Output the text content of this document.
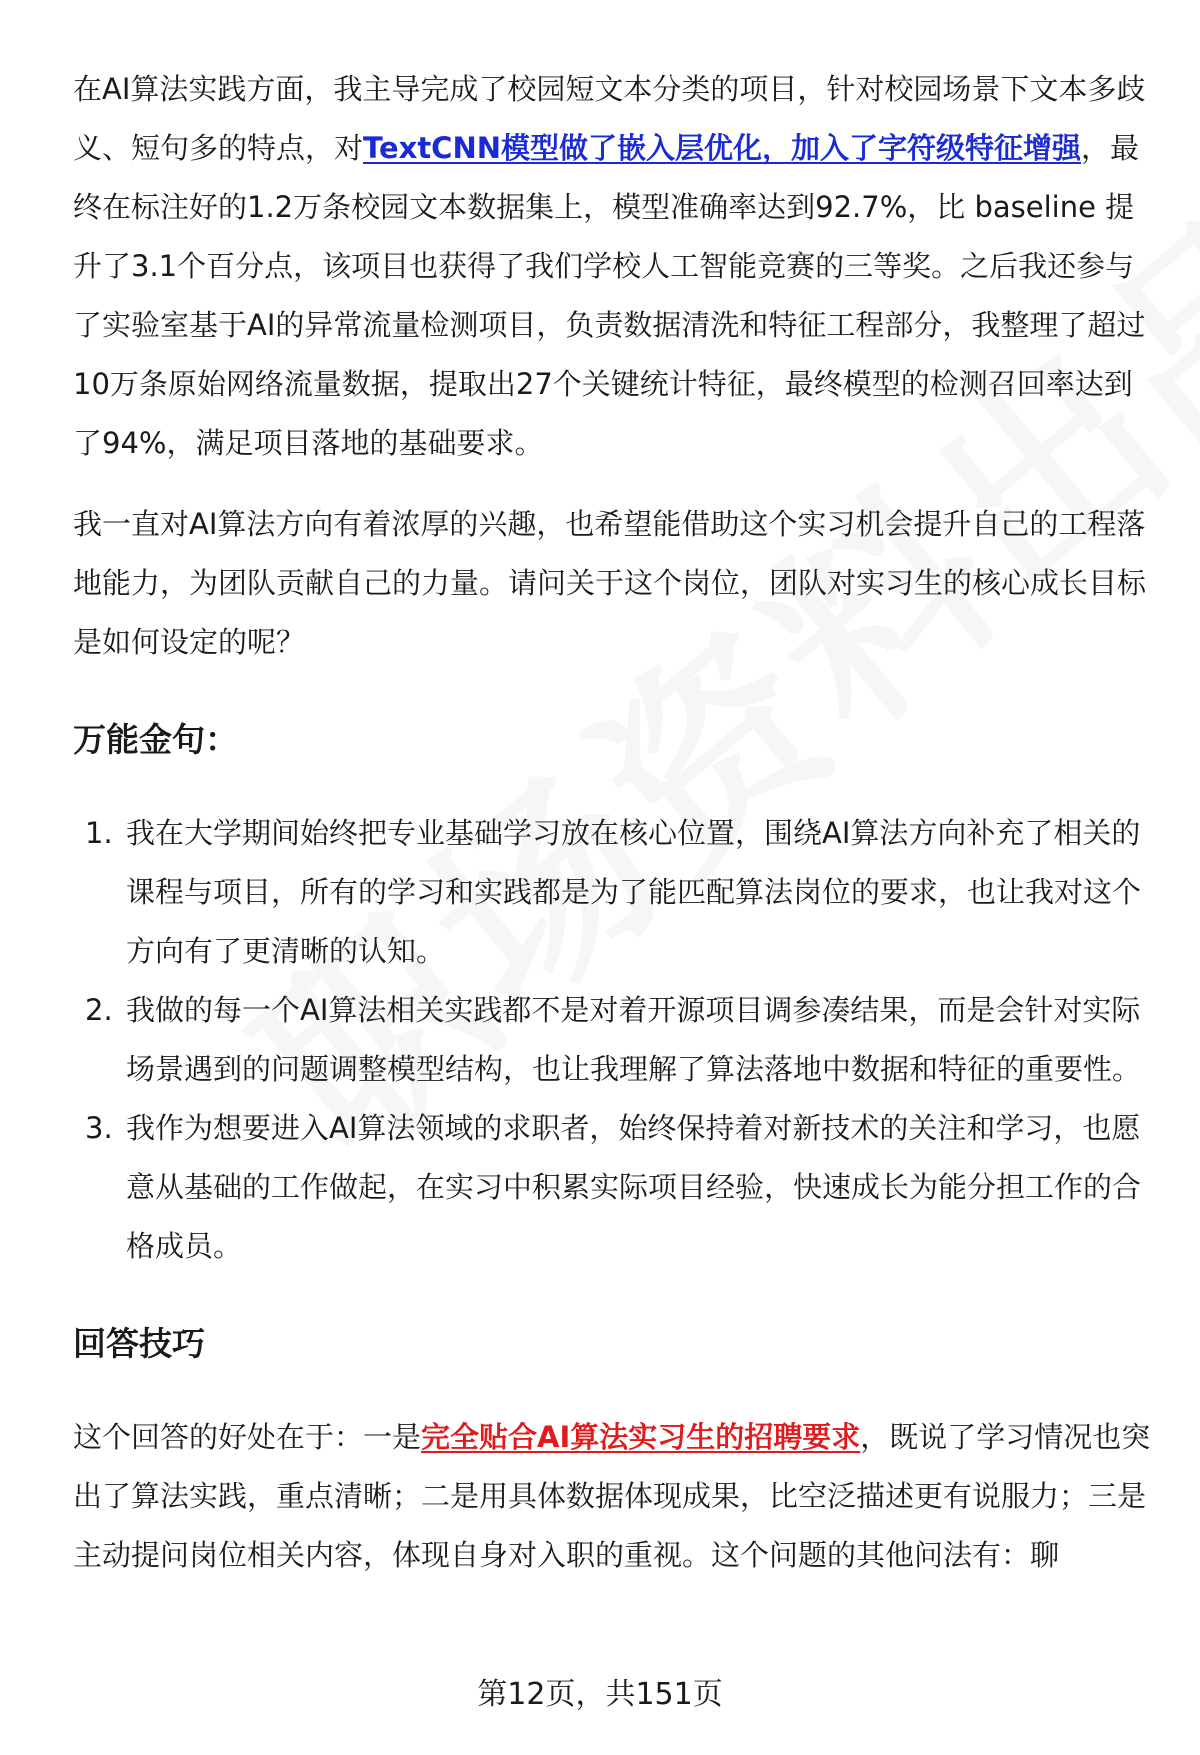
在AI算法实践方面，我主导完成了校园短文本分类的项目，针对校园场景下文本多歧义、短句多的特点，对TextCNN模型做了嵌入层优化，加入了字符级特征增强，最终在标注好的1.2万条校园文本数据集上，模型准确率达到92.7%，比 baseline 提升了3.1个百分点，该项目也获得了我们学校人工智能竞赛的三等奖。之后我还参与了实验室基于AI的异常流量检测项目，负责数据清洗和特征工程部分，我整理了超过10万条原始网络流量数据，提取出27个关键统计特征，最终模型的检测召回率达到了94%，满足项目落地的基础要求。

我一直对AI算法方向有着浓厚的兴趣，也希望能借助这个实习机会提升自己的工程落地能力，为团队贡献自己的力量。请问关于这个岗位，团队对实习生的核心成长目标是如何设定的呢？

万能金句：
1. 我在大学期间始终把专业基础学习放在核心位置，围绕AI算法方向补充了相关的课程与项目，所有的学习和实践都是为了能匹配算法岗位的要求，也让我对这个方向有了更清晰的认知。
2. 我做的每一个AI算法相关实践都不是对着开源项目调参凑结果，而是会针对实际场景遇到的问题调整模型结构，也让我理解了算法落地中数据和特征的重要性。
3. 我作为想要进入AI算法领域的求职者，始终保持着对新技术的关注和学习，也愿意从基础的工作做起，在实习中积累实际项目经验，快速成长为能分担工作的合格成员。
回答技巧

这个回答的好处在于：一是完全贴合AI算法实习生的招聘要求，既说了学习情况也突出了算法实践，重点清晰；二是用具体数据体现成果，比空泛描述更有说服力；三是主动提问岗位相关内容，体现自身对入职的重视。这个问题的其他问法有：聊

第12页，共151页
